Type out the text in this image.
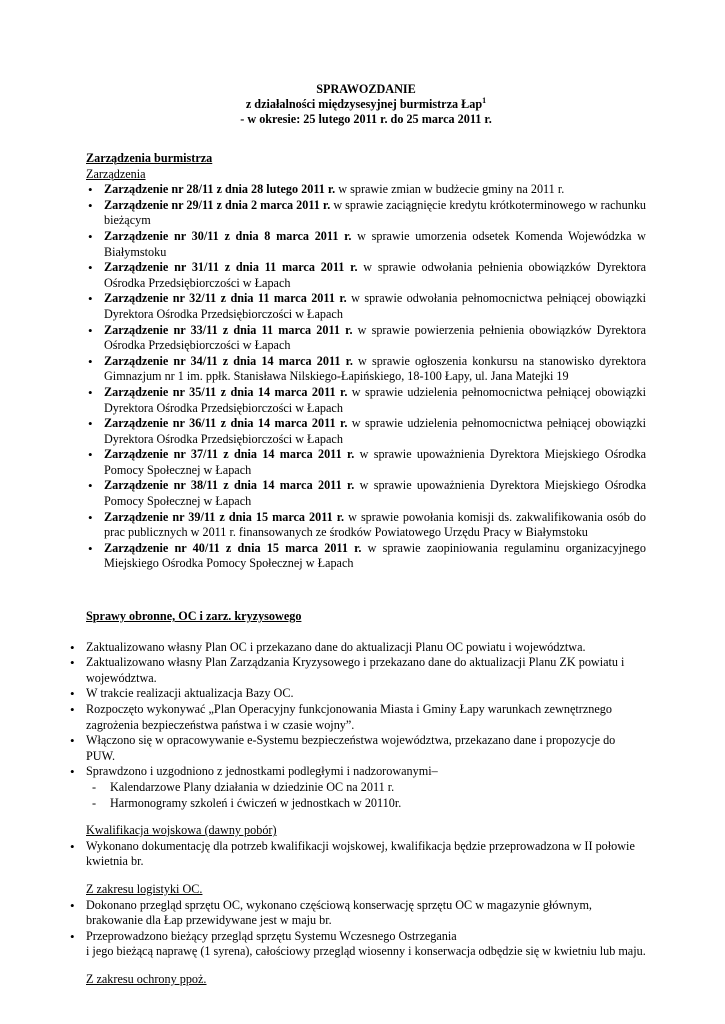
SPRAWOZDANIE
z działalności międzysesyjnej burmistrza Łap$^1$
- w okresie: 25 lutego 2011 r. do 25 marca 2011 r.
Zarządzenia burmistrza
Zarządzenia
• Zarządzenie nr 28/11 z dnia 28 lutego 2011 r. w sprawie zmian w budżecie gminy na 2011 r.
• Zarządzenie nr 29/11 z dnia 2 marca 2011 r. w sprawie zaciągnięcie kredytu krótkoterminowego w rachunku bieżącym
• Zarządzenie nr 30/11 z dnia 8 marca 2011 r. w sprawie umorzenia odsetek Komenda Wojewódzka w Białymstoku
• Zarządzenie nr 31/11 z dnia 11 marca 2011 r. w sprawie odwołania pełnienia obowiązków Dyrektora Ośrodka Przedsiębiorczości w Łapach
• Zarządzenie nr 32/11 z dnia 11 marca 2011 r. w sprawie odwołania pełnomocnictwa pełniącej obowiązki Dyrektora Ośrodka Przedsiębiorczości w Łapach
• Zarządzenie nr 33/11 z dnia 11 marca 2011 r. w sprawie powierzenia pełnienia obowiązków Dyrektora Ośrodka Przedsiębiorczości w Łapach
• Zarządzenie nr 34/11 z dnia 14 marca 2011 r. w sprawie ogłoszenia konkursu na stanowisko dyrektora Gimnazjum nr 1 im. ppłk. Stanisława Nilskiego-Łapińskiego, 18-100 Łapy, ul. Jana Matejki 19
• Zarządzenie nr 35/11 z dnia 14 marca 2011 r. w sprawie udzielenia pełnomocnictwa pełniącej obowiązki Dyrektora Ośrodka Przedsiębiorczości w Łapach
• Zarządzenie nr 36/11 z dnia 14 marca 2011 r. w sprawie udzielenia pełnomocnictwa pełniącej obowiązki Dyrektora Ośrodka Przedsiębiorczości w Łapach
• Zarządzenie nr 37/11 z dnia 14 marca 2011 r. w sprawie upoważnienia Dyrektora Miejskiego Ośrodka Pomocy Społecznej w Łapach
• Zarządzenie nr 38/11 z dnia 14 marca 2011 r. w sprawie upoważnienia Dyrektora Miejskiego Ośrodka Pomocy Społecznej w Łapach
• Zarządzenie nr 39/11 z dnia 15 marca 2011 r. w sprawie powołania komisji ds. zakwalifikowania osób do prac publicznych w 2011 r. finansowanych ze środków Powiatowego Urzędu Pracy w Białymstoku
• Zarządzenie nr 40/11 z dnia 15 marca 2011 r. w sprawie zaopiniowania regulaminu organizacyjnego Miejskiego Ośrodka Pomocy Społecznej w Łapach
Sprawy obronne, OC i zarz. kryzysowego
• Zaktualizowano własny Plan OC i przekazano dane do aktualizacji Planu OC powiatu i województwa.
• Zaktualizowano własny Plan Zarządzania Kryzysowego i przekazano dane do aktualizacji Planu ZK powiatu i województwa.
• W trakcie realizacji aktualizacja Bazy OC.
• Rozpoczęto wykonywać „Plan Operacyjny funkcjonowania Miasta i Gminy Łapy warunkach zewnętrznego zagrożenia bezpieczeństwa państwa i w czasie wojny”.
• Włączono się w opracowywanie e-Systemu bezpieczeństwa województwa, przekazano dane i propozycje do PUW.
• Sprawdzono i uzgodniono z jednostkami podległymi i nadzorowanymi–
- Kalendarzowe Plany działania w dziedzinie OC na 2011 r.
- Harmonogramy szkoleń i ćwiczeń w jednostkach w 20110r.
Kwalifikacja wojskowa (dawny pobór)
• Wykonano dokumentację dla potrzeb kwalifikacji wojskowej, kwalifikacja będzie przeprowadzona w II połowie kwietnia br.
Z zakresu logistyki OC.
• Dokonano przegląd sprzętu OC, wykonano częściową konserwację sprzętu OC w magazynie głównym, brakowanie dla Łap przewidywane jest w maju br.
• Przeprowadzono bieżący przegląd sprzętu Systemu Wczesnego Ostrzegania
i jego bieżącą naprawę (1 syrena), całościowy przegląd wiosenny i konserwacja odbędzie się w kwietniu lub maju.
Z zakresu ochrony ppoż.
